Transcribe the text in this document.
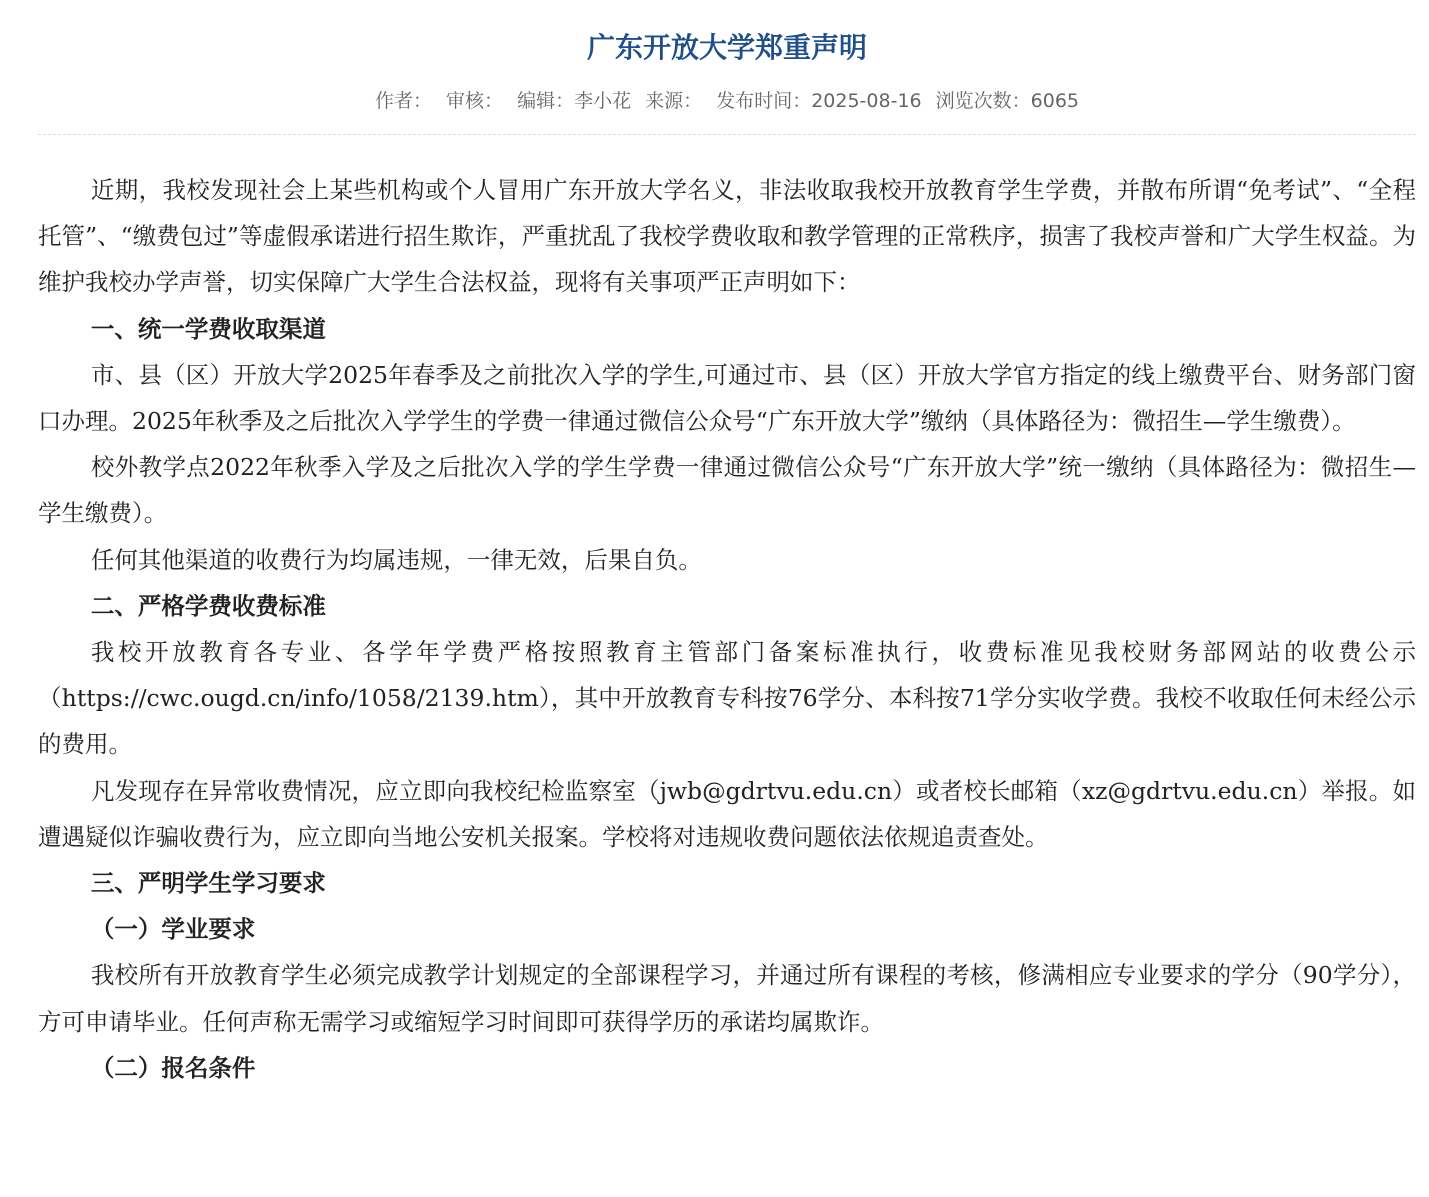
广东开放大学郑重声明
作者： 审核： 编辑：李小花 来源： 发布时间：2025-08-16 浏览次数：6065

近期，我校发现社会上某些机构或个人冒用广东开放大学名义，非法收取我校开放教育学生学费，并散布所谓“免考试”、“全程托管”、“缴费包过”等虚假承诺进行招生欺诈，严重扰乱了我校学费收取和教学管理的正常秩序，损害了我校声誉和广大学生权益。为维护我校办学声誉，切实保障广大学生合法权益，现将有关事项严正声明如下：

一、统一学费收取渠道

市、县（区）开放大学2025年春季及之前批次入学的学生,可通过市、县（区）开放大学官方指定的线上缴费平台、财务部门窗口办理。2025年秋季及之后批次入学学生的学费一律通过微信公众号“广东开放大学”缴纳（具体路径为：微招生—学生缴费）。

校外教学点2022年秋季入学及之后批次入学的学生学费一律通过微信公众号“广东开放大学”统一缴纳（具体路径为：微招生—学生缴费）。

任何其他渠道的收费行为均属违规，一律无效，后果自负。

二、严格学费收费标准

我校开放教育各专业、各学年学费严格按照教育主管部门备案标准执行，收费标准见我校财务部网站的收费公示（https://cwc.ougd.cn/info/1058/2139.htm），其中开放教育专科按76学分、本科按71学分实收学费。我校不收取任何未经公示的费用。

凡发现存在异常收费情况，应立即向我校纪检监察室（jwb@gdrtvu.edu.cn）或者校长邮箱（xz@gdrtvu.edu.cn）举报。如遭遇疑似诈骗收费行为，应立即向当地公安机关报案。学校将对违规收费问题依法依规追责查处。

三、严明学生学习要求

（一）学业要求

我校所有开放教育学生必须完成教学计划规定的全部课程学习，并通过所有课程的考核，修满相应专业要求的学分（90学分），方可申请毕业。任何声称无需学习或缩短学习时间即可获得学历的承诺均属欺诈。

（二）报名条件
